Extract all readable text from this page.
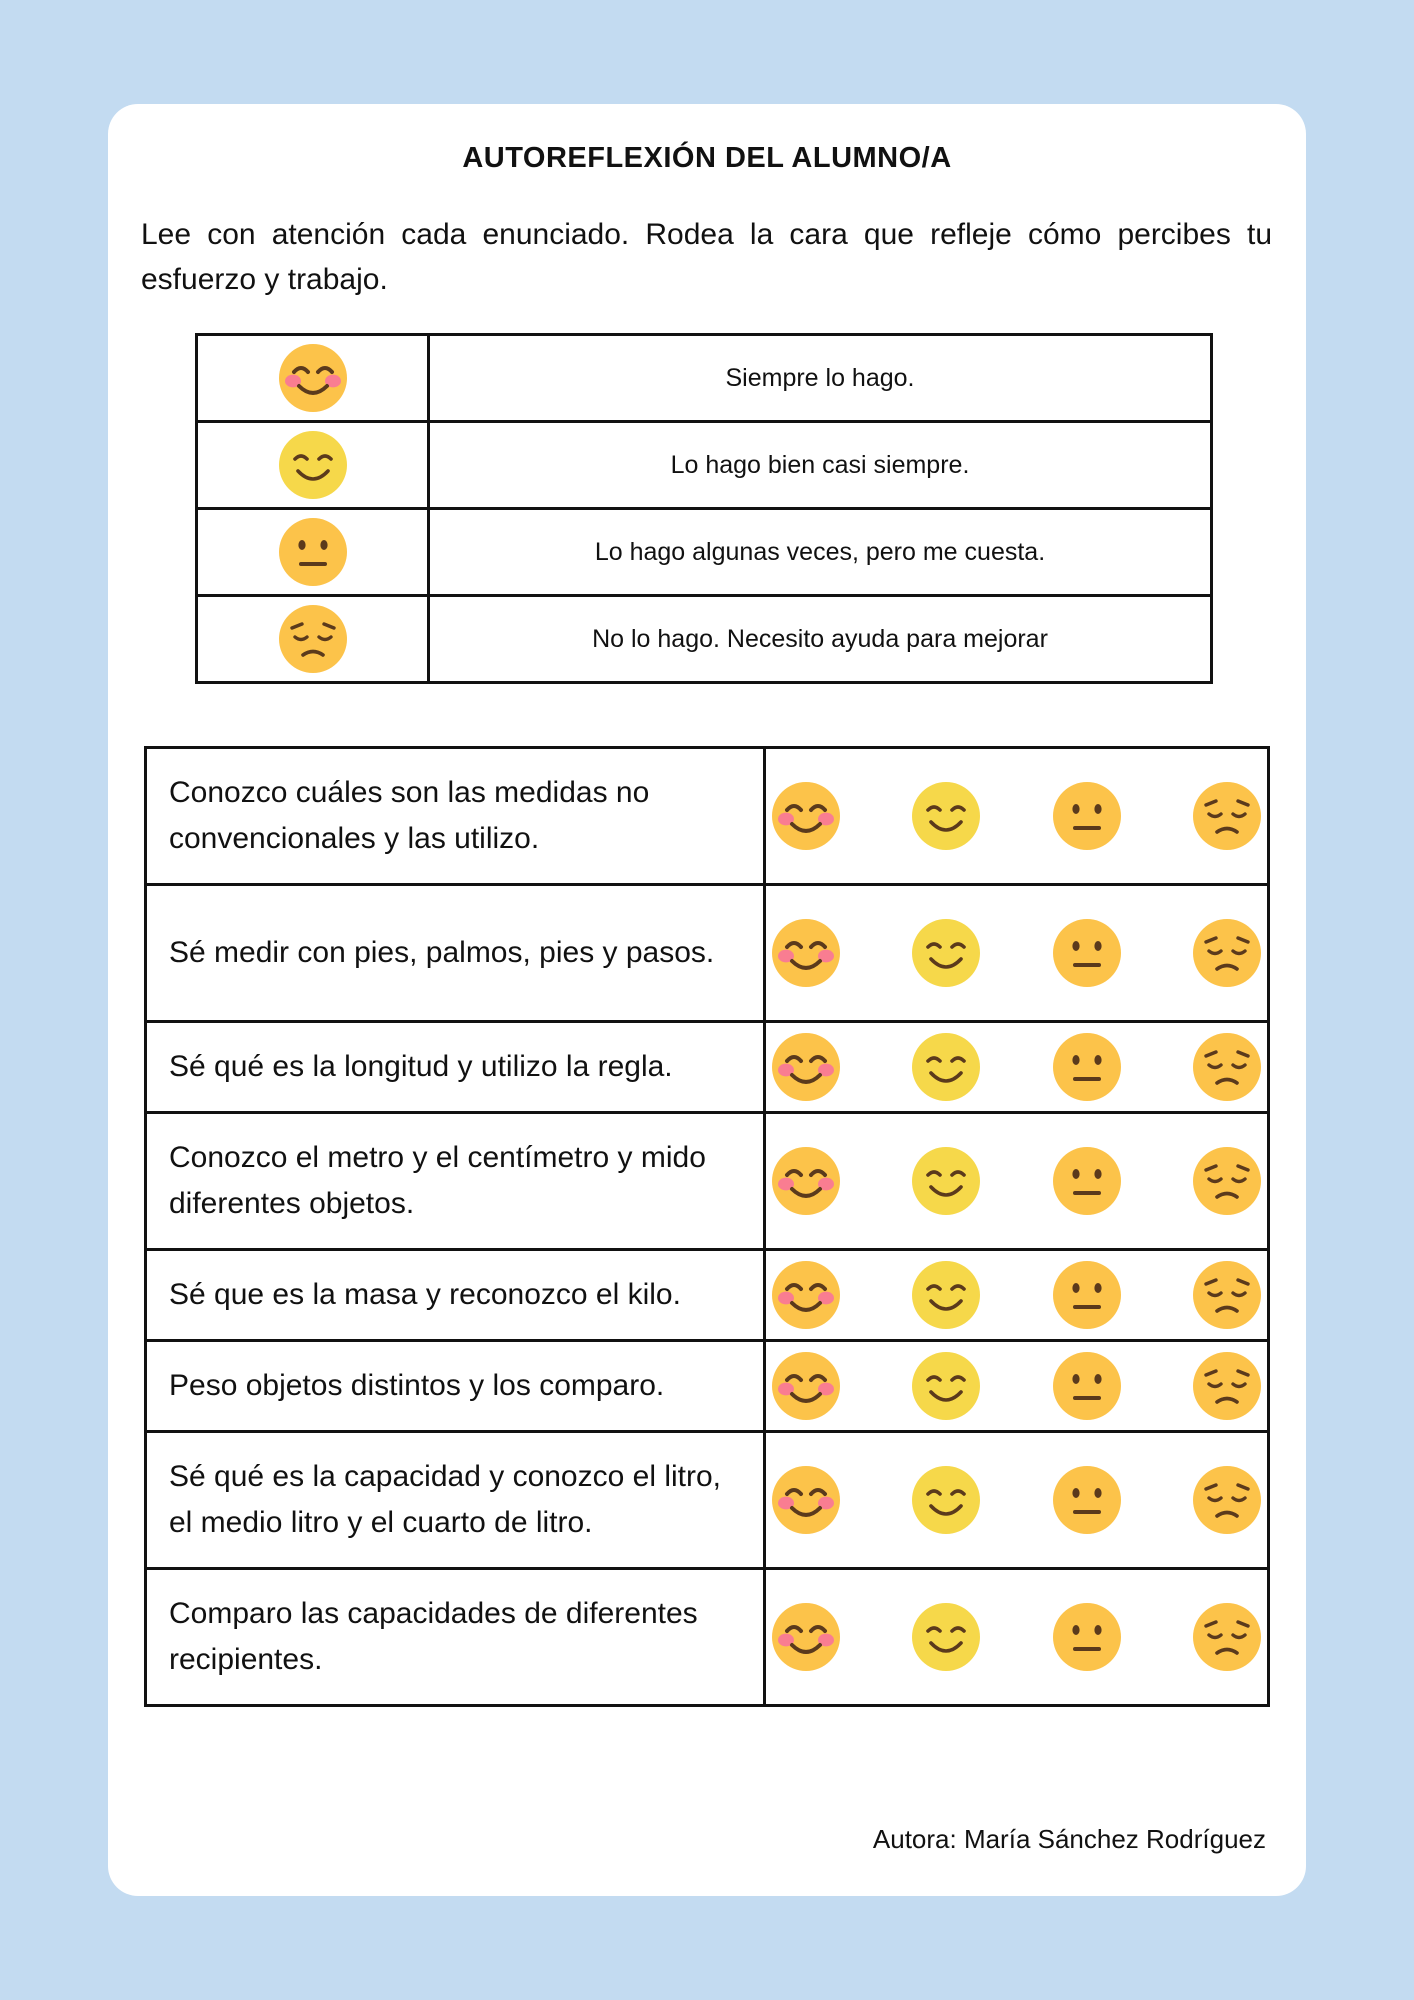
AUTOREFLEXIÓN DEL ALUMNO/A
Lee con atención cada enunciado. Rodea la cara que refleje cómo percibes tu esfuerzo y trabajo.
	Siempre lo hago.

	Lo hago bien casi siempre.

	Lo hago algunas veces, pero me cuesta.

	No lo hago. Necesito ayuda para mejorar
Conozco cuáles son las medidas no convencionales y las utilizo.	

Sé medir con pies, palmos, pies y pasos.	

Sé qué es la longitud y utilizo la regla.	

Conozco el metro y el centímetro y mido diferentes objetos.	

Sé que es la masa y reconozco el kilo.	

Peso objetos distintos y los comparo.	

Sé qué es la capacidad y conozco el litro, el medio litro y el cuarto de litro.	

Comparo las capacidades de diferentes recipientes.	
Autora: María Sánchez Rodríguez
